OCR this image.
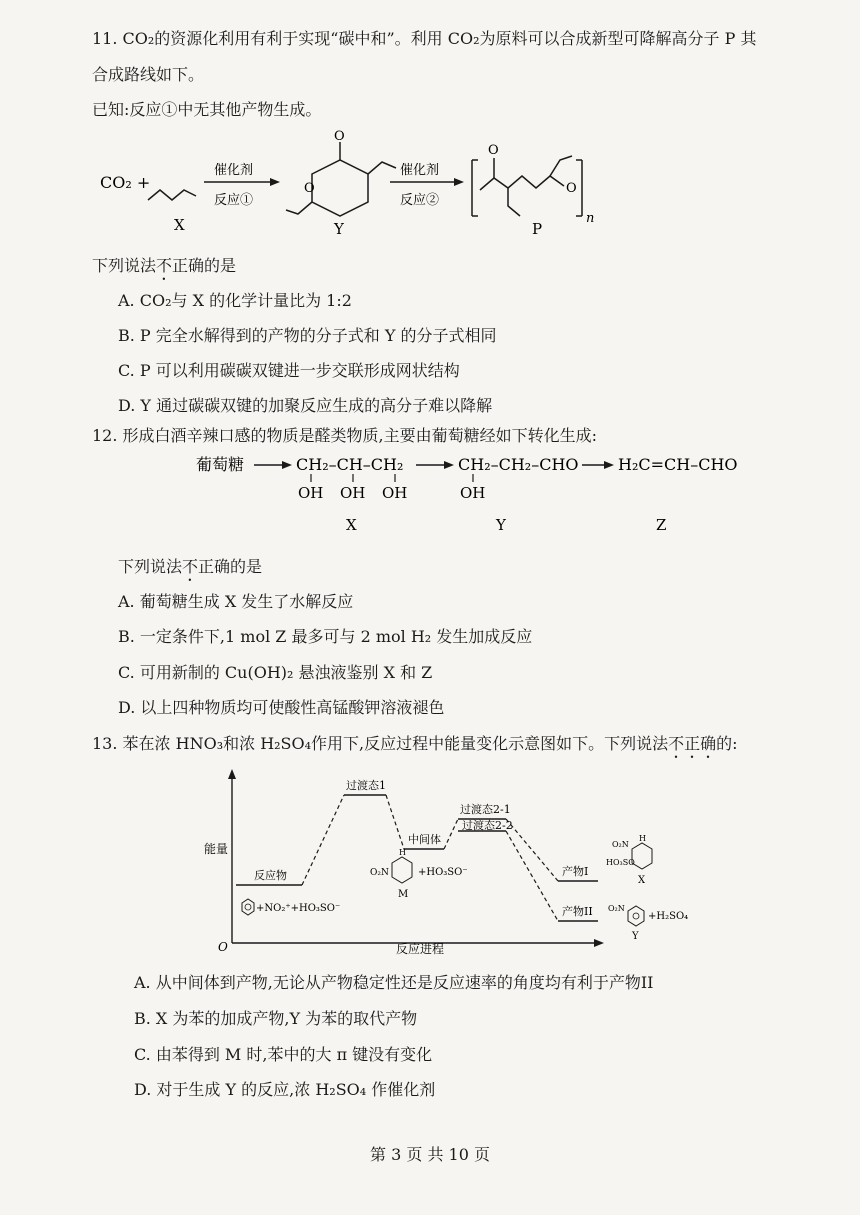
11. CO₂的资源化利用有利于实现“碳中和”。利用 CO₂为原料可以合成新型可降解高分子 P 其
合成路线如下。
已知:反应①中无其他产物生成。
CO₂ +
X
催化剂
反应①
O
O
Y
催化剂
反应②
O
O
n
P
下列说法不正确的是
A. CO₂与 X 的化学计量比为 1:2
B. P 完全水解得到的产物的分子式和 Y 的分子式相同
C. P 可以利用碳碳双键进一步交联形成网状结构
D. Y 通过碳碳双键的加聚反应生成的高分子难以降解
12. 形成白酒辛辣口感的物质是醛类物质,主要由葡萄糖经如下转化生成:
葡萄糖	CH₂–CH–CH₂
OH OH OH
X
CH₂–CH₂–CHO
OH
Y
H₂C=CH–CHO
Z
下列说法不正确的是
A. 葡萄糖生成 X 发生了水解反应
B. 一定条件下,1 mol Z 最多可与 2 mol H₂ 发生加成反应
C. 可用新制的 Cu(OH)₂ 悬浊液鉴别 X 和 Z
D. 以上四种物质均可使酸性高锰酸钾溶液褪色
13. 苯在浓 HNO₃和浓 H₂SO₄作用下,反应过程中能量变化示意图如下。下列说法不正确的:
O
能量
反应进程
反应物
+NO₂⁺+HO₃SO⁻
过渡态1
中间体
O₂N
H
+HO₃SO⁻
M
过渡态2-1
过渡态2-2
产物I
产物II
O₂N
HO₃SO
H
X
O₂N
+H₂SO₄
Y
A. 从中间体到产物,无论从产物稳定性还是反应速率的角度均有利于产物II
B. X 为苯的加成产物,Y 为苯的取代产物
C. 由苯得到 M 时,苯中的大 π 键没有变化
D. 对于生成 Y 的反应,浓 H₂SO₄ 作催化剂
第 3 页 共 10 页
